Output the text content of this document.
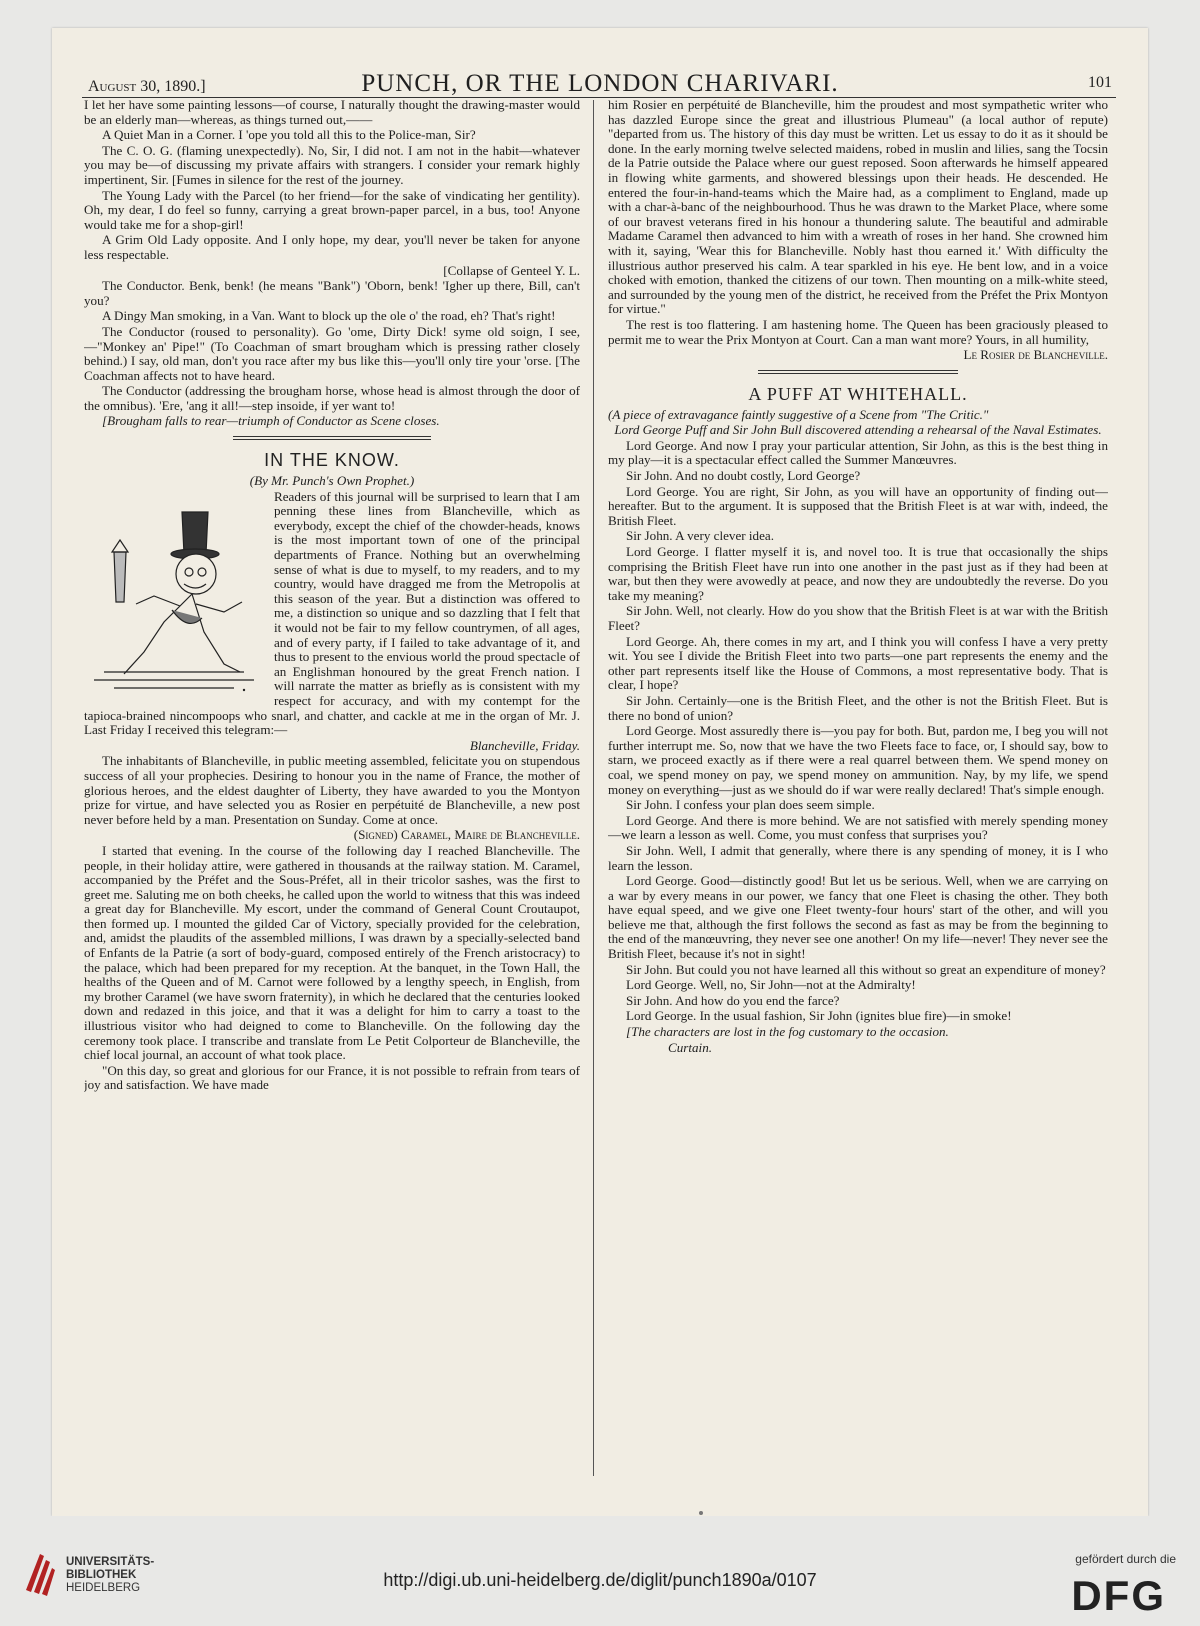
August 30, 1890.]	PUNCH, OR THE LONDON CHARIVARI.	101

I let her have some painting lessons—of course, I naturally thought the drawing-master would be an elderly man—whereas, as things turned out,——

A Quiet Man in a Corner. I 'ope you told all this to the Police-man, Sir?

The C. O. G. (flaming unexpectedly). No, Sir, I did not. I am not in the habit—whatever you may be—of discussing my private affairs with strangers. I consider your remark highly impertinent, Sir. [Fumes in silence for the rest of the journey.

The Young Lady with the Parcel (to her friend—for the sake of vindicating her gentility). Oh, my dear, I do feel so funny, carrying a great brown-paper parcel, in a bus, too! Anyone would take me for a shop-girl!

A Grim Old Lady opposite. And I only hope, my dear, you'll never be taken for anyone less respectable.

[Collapse of Genteel Y. L.

The Conductor. Benk, benk! (he means "Bank") 'Oborn, benk! 'Igher up there, Bill, can't you?

A Dingy Man smoking, in a Van. Want to block up the ole o' the road, eh? That's right!

The Conductor (roused to personality). Go 'ome, Dirty Dick! syme old soign, I see,—"Monkey an' Pipe!" (To Coachman of smart brougham which is pressing rather closely behind.) I say, old man, don't you race after my bus like this—you'll only tire your 'orse. [The Coachman affects not to have heard.

The Conductor (addressing the brougham horse, whose head is almost through the door of the omnibus). 'Ere, 'ang it all!—step insoide, if yer want to!

[Brougham falls to rear—triumph of Conductor as Scene closes.

IN THE KNOW.

(By Mr. Punch's Own Prophet.)

Readers of this journal will be surprised to learn that I am penning these lines from Blancheville, which as everybody, except the chief of the chowder-heads, knows is the most important town of one of the principal departments of France. Nothing but an overwhelming sense of what is due to myself, to my readers, and to my country, would have dragged me from the Metropolis at this season of the year. But a distinction was offered to me, a distinction so unique and so dazzling that I felt that it would not be fair to my fellow countrymen, of all ages, and of every party, if I failed to take advantage of it, and thus to present to the envious world the proud spectacle of an Englishman honoured by the great French nation. I will narrate the matter as briefly as is consistent with my respect for accuracy, and with my contempt for the tapioca-brained nincompoops who snarl, and chatter, and cackle at me in the organ of Mr. J. Last Friday I received this telegram:—

Blancheville, Friday.

The inhabitants of Blancheville, in public meeting assembled, felicitate you on stupendous success of all your prophecies. Desiring to honour you in the name of France, the mother of glorious heroes, and the eldest daughter of Liberty, they have awarded to you the Montyon prize for virtue, and have selected you as Rosier en perpétuité de Blancheville, a new post never before held by a man. Presentation on Sunday. Come at once.

(Signed) Caramel, Maire de Blancheville.

I started that evening. In the course of the following day I reached Blancheville. The people, in their holiday attire, were gathered in thousands at the railway station. M. Caramel, accompanied by the Préfet and the Sous-Préfet, all in their tricolor sashes, was the first to greet me. Saluting me on both cheeks, he called upon the world to witness that this was indeed a great day for Blancheville. My escort, under the command of General Count Croutaupot, then formed up. I mounted the gilded Car of Victory, specially provided for the celebration, and, amidst the plaudits of the assembled millions, I was drawn by a specially-selected band of Enfants de la Patrie (a sort of body-guard, composed entirely of the French aristocracy) to the palace, which had been prepared for my reception. At the banquet, in the Town Hall, the healths of the Queen and of M. Carnot were followed by a lengthy speech, in English, from my brother Caramel (we have sworn fraternity), in which he declared that the centuries looked down and redazed in this joice, and that it was a delight for him to carry a toast to the illustrious visitor who had deigned to come to Blancheville. On the following day the ceremony took place. I transcribe and translate from Le Petit Colporteur de Blancheville, the chief local journal, an account of what took place.

"On this day, so great and glorious for our France, it is not possible to refrain from tears of joy and satisfaction. We have made

him Rosier en perpétuité de Blancheville, him the proudest and most sympathetic writer who has dazzled Europe since the great and illustrious Plumeau" (a local author of repute) "departed from us. The history of this day must be written. Let us essay to do it as it should be done. In the early morning twelve selected maidens, robed in muslin and lilies, sang the Tocsin de la Patrie outside the Palace where our guest reposed. Soon afterwards he himself appeared in flowing white garments, and showered blessings upon their heads. He descended. He entered the four-in-hand-teams which the Maire had, as a compliment to England, made up with a char-à-banc of the neighbourhood. Thus he was drawn to the Market Place, where some of our bravest veterans fired in his honour a thundering salute. The beautiful and admirable Madame Caramel then advanced to him with a wreath of roses in her hand. She crowned him with it, saying, 'Wear this for Blancheville. Nobly hast thou earned it.' With difficulty the illustrious author preserved his calm. A tear sparkled in his eye. He bent low, and in a voice choked with emotion, thanked the citizens of our town. Then mounting on a milk-white steed, and surrounded by the young men of the district, he received from the Préfet the Prix Montyon for virtue."

The rest is too flattering. I am hastening home. The Queen has been graciously pleased to permit me to wear the Prix Montyon at Court. Can a man want more? Yours, in all humility,

Le Rosier de Blancheville.

A PUFF AT WHITEHALL.

(A piece of extravagance faintly suggestive of a Scene from "The Critic."

Lord George Puff and Sir John Bull discovered attending a rehearsal of the Naval Estimates.

Lord George. And now I pray your particular attention, Sir John, as this is the best thing in my play—it is a spectacular effect called the Summer Manœuvres.

Sir John. And no doubt costly, Lord George?

Lord George. You are right, Sir John, as you will have an opportunity of finding out—hereafter. But to the argument. It is supposed that the British Fleet is at war with, indeed, the British Fleet.

Sir John. A very clever idea.

Lord George. I flatter myself it is, and novel too. It is true that occasionally the ships comprising the British Fleet have run into one another in the past just as if they had been at war, but then they were avowedly at peace, and now they are undoubtedly the reverse. Do you take my meaning?

Sir John. Well, not clearly. How do you show that the British Fleet is at war with the British Fleet?

Lord George. Ah, there comes in my art, and I think you will confess I have a very pretty wit. You see I divide the British Fleet into two parts—one part represents the enemy and the other part represents itself like the House of Commons, a most representative body. That is clear, I hope?

Sir John. Certainly—one is the British Fleet, and the other is not the British Fleet. But is there no bond of union?

Lord George. Most assuredly there is—you pay for both. But, pardon me, I beg you will not further interrupt me. So, now that we have the two Fleets face to face, or, I should say, bow to starn, we proceed exactly as if there were a real quarrel between them. We spend money on coal, we spend money on pay, we spend money on ammunition. Nay, by my life, we spend money on everything—just as we should do if war were really declared! That's simple enough.

Sir John. I confess your plan does seem simple.

Lord George. And there is more behind. We are not satisfied with merely spending money—we learn a lesson as well. Come, you must confess that surprises you?

Sir John. Well, I admit that generally, where there is any spending of money, it is I who learn the lesson.

Lord George. Good—distinctly good! But let us be serious. Well, when we are carrying on a war by every means in our power, we fancy that one Fleet is chasing the other. They both have equal speed, and we give one Fleet twenty-four hours' start of the other, and will you believe me that, although the first follows the second as fast as may be from the beginning to the end of the manœuvring, they never see one another! On my life—never! They never see the British Fleet, because it's not in sight!

Sir John. But could you not have learned all this without so great an expenditure of money?

Lord George. Well, no, Sir John—not at the Admiralty!

Sir John. And how do you end the farce?

Lord George. In the usual fashion, Sir John (ignites blue fire)—in smoke!

[The characters are lost in the fog customary to the occasion.

Curtain.

UNIVERSITÄTS-
BIBLIOTHEK
HEIDELBERG	http://digi.ub.uni-heidelberg.de/diglit/punch1890a/0107
gefördert durch die
DFG
